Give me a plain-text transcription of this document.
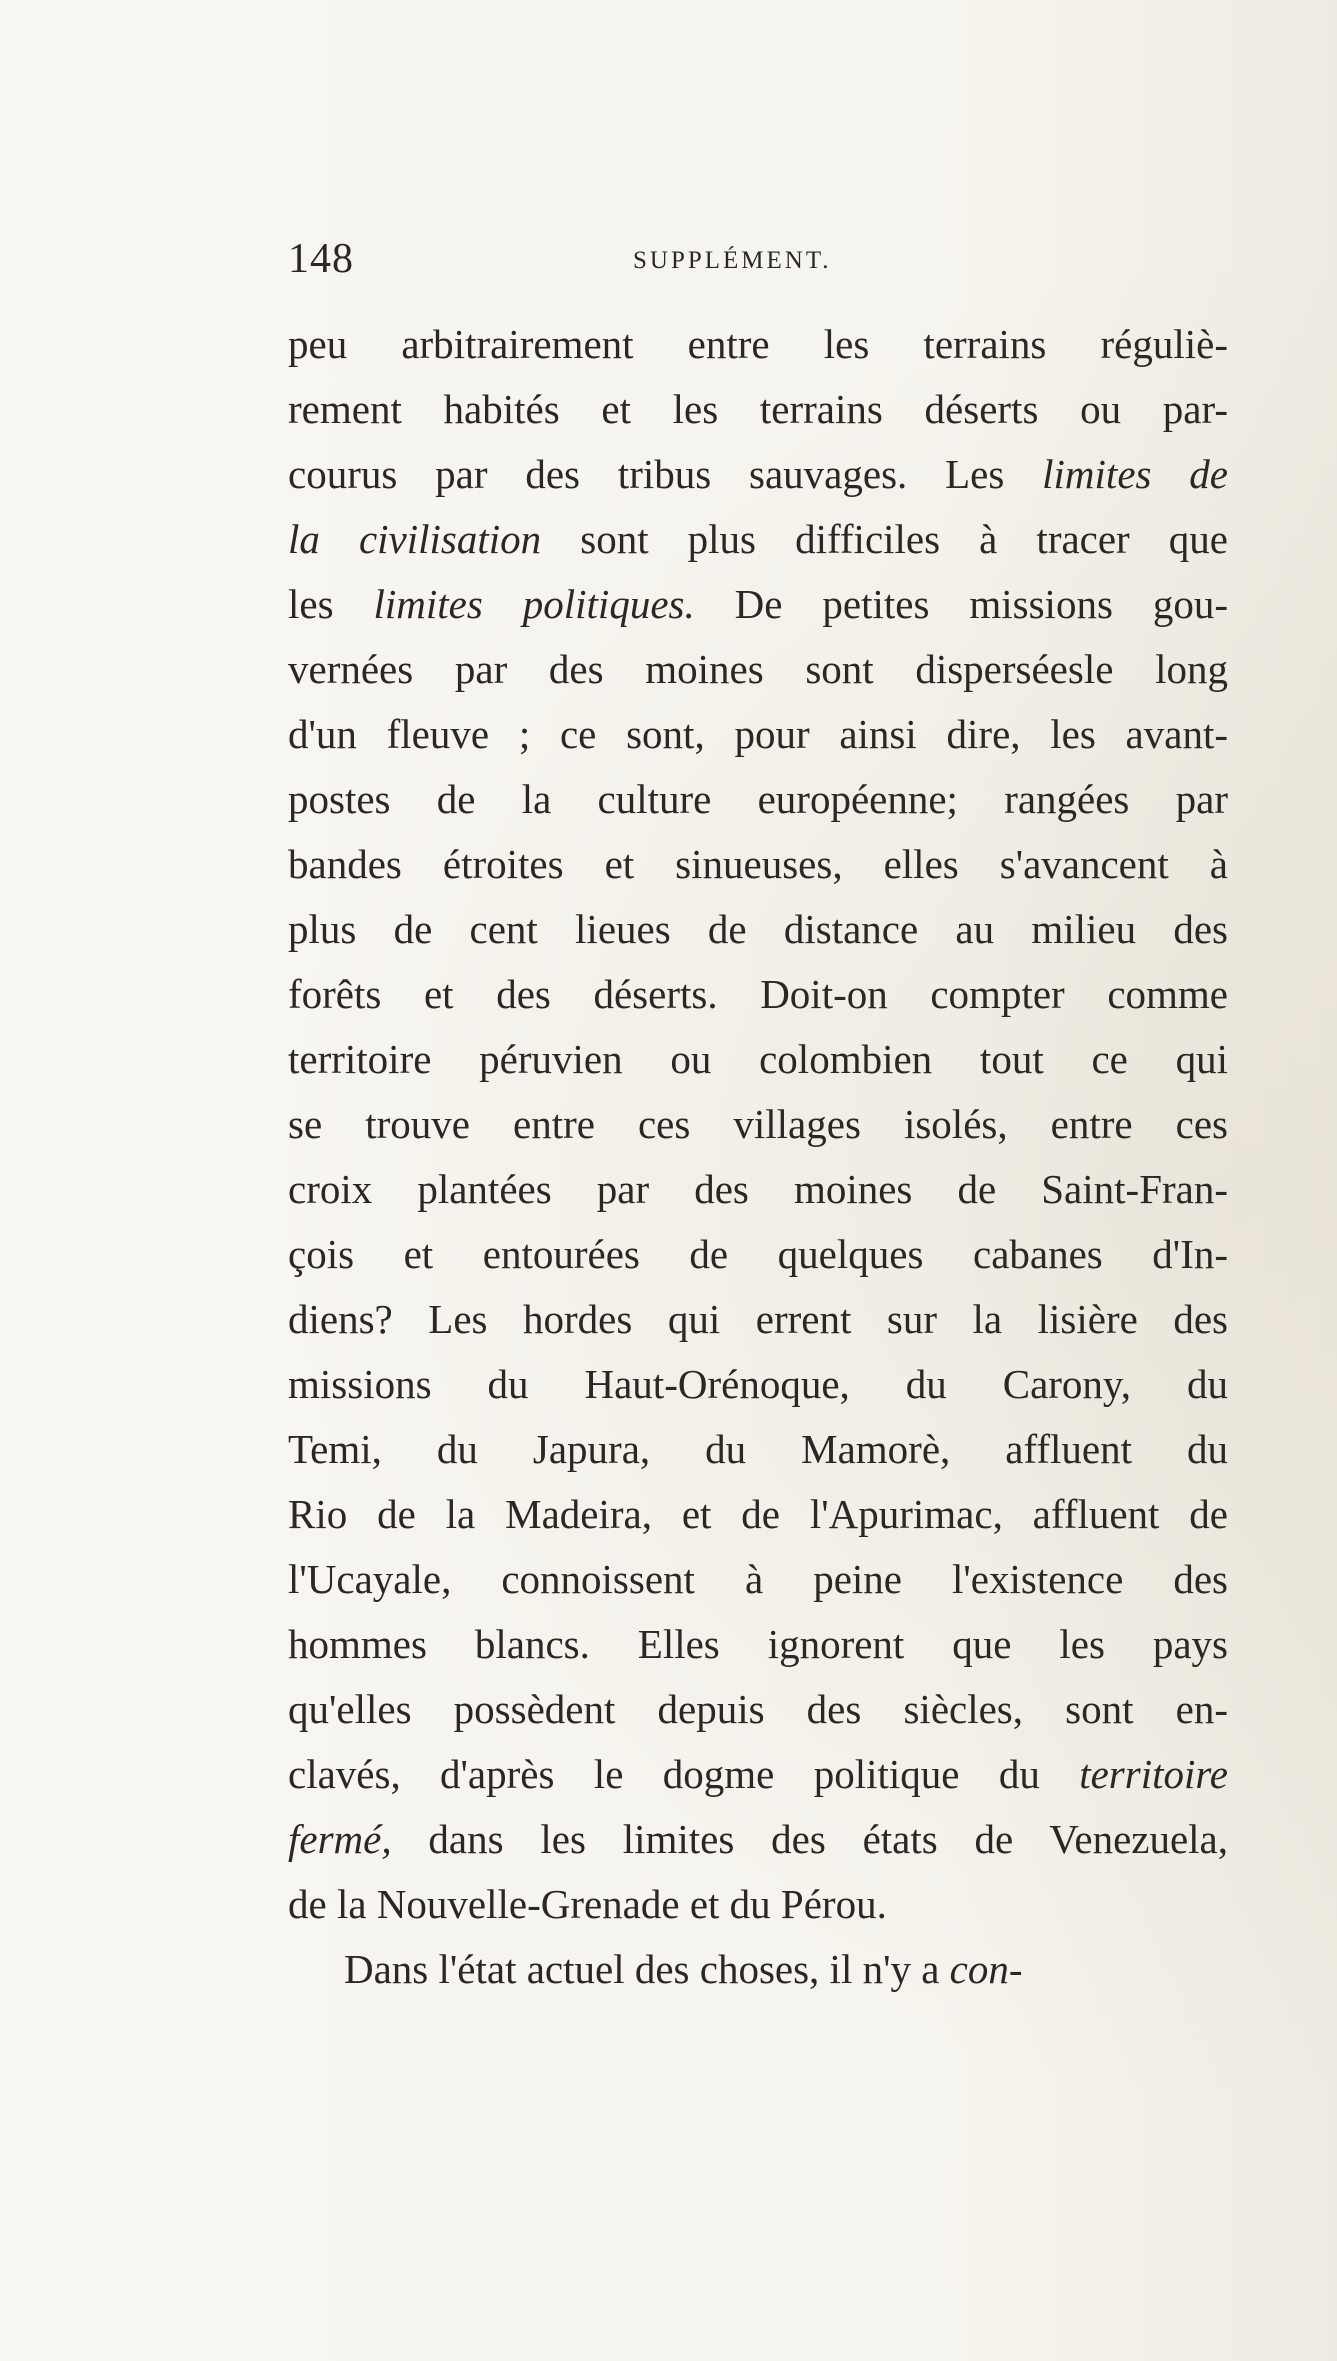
148	SUPPLÉMENT.
peu arbitrairement entre les terrains réguliè-
rement habités et les terrains déserts ou par-
courus par des tribus sauvages. Les limites de
la civilisation sont plus difficiles à tracer que
les limites politiques. De petites missions gou-
vernées par des moines sont disperséesle long
d'un fleuve ; ce sont, pour ainsi dire, les avant-
postes de la culture européenne; rangées par
bandes étroites et sinueuses, elles s'avancent à
plus de cent lieues de distance au milieu des
forêts et des déserts. Doit-on compter comme
territoire péruvien ou colombien tout ce qui
se trouve entre ces villages isolés, entre ces
croix plantées par des moines de Saint-Fran-
çois et entourées de quelques cabanes d'In-
diens? Les hordes qui errent sur la lisière des
missions du Haut-Orénoque, du Carony, du
Temi, du Japura, du Mamorè, affluent du
Rio de la Madeira, et de l'Apurimac, affluent de
l'Ucayale, connoissent à peine l'existence des
hommes blancs. Elles ignorent que les pays
qu'elles possèdent depuis des siècles, sont en-
clavés, d'après le dogme politique du territoire
fermé, dans les limites des états de Venezuela,
de la Nouvelle-Grenade et du Pérou.
Dans l'état actuel des choses, il n'y a con-
